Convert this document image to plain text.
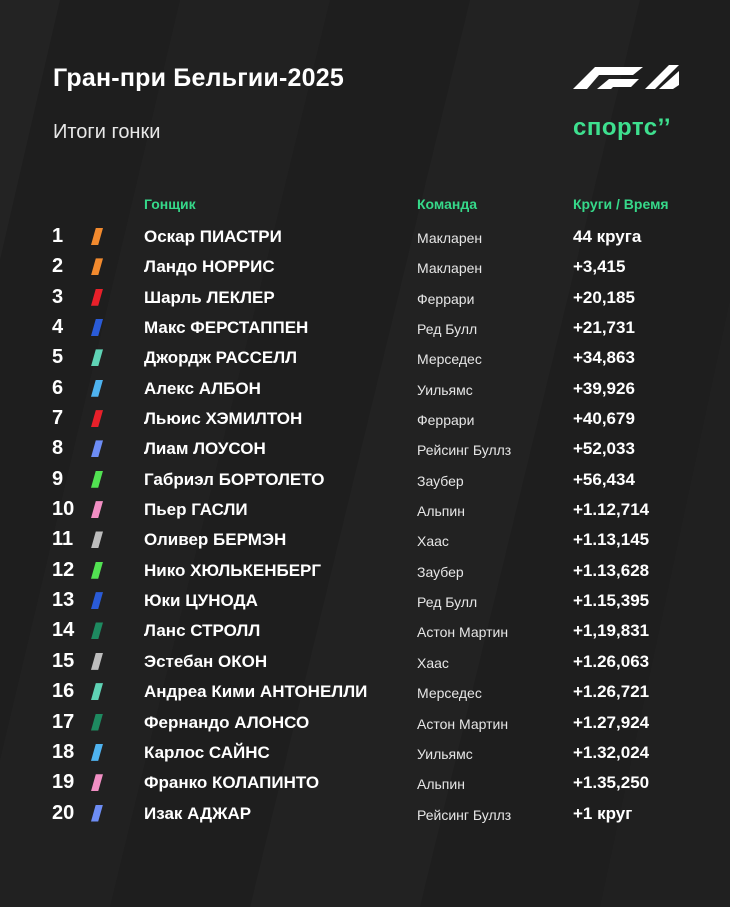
Гран-при Бельгии-2025
Итоги гонки	спортс’’
Гонщик	Команда	Круги / Время
1	Оскар ПИАСТРИ	Макларен	44 круга
2	Ландо НОРРИС	Макларен	+3,415
3	Шарль ЛЕКЛЕР	Феррари	+20,185
4	Макс ФЕРСТАППЕН	Ред Булл	+21,731
5	Джордж РАССЕЛЛ	Мерседес	+34,863
6	Алекс АЛБОН	Уильямс	+39,926
7	Льюис ХЭМИЛТОН	Феррари	+40,679
8	Лиам ЛОУСОН	Рейсинг Буллз	+52,033
9	Габриэл БОРТОЛЕТО	Заубер	+56,434
10	Пьер ГАСЛИ	Альпин	+1.12,714
11	Оливер БЕРМЭН	Хаас	+1.13,145
12	Нико ХЮЛЬКЕНБЕРГ	Заубер	+1.13,628
13	Юки ЦУНОДА	Ред Булл	+1.15,395
14	Ланс СТРОЛЛ	Астон Мартин	+1,19,831
15	Эстебан ОКОН	Хаас	+1.26,063
16	Андреа Кими АНТОНЕЛЛИ	Мерседес	+1.26,721
17	Фернандо АЛОНСО	Астон Мартин	+1.27,924
18	Карлос САЙНС	Уильямс	+1.32,024
19	Франко КОЛАПИНТО	Альпин	+1.35,250
20	Изак АДЖАР	Рейсинг Буллз	+1 круг
